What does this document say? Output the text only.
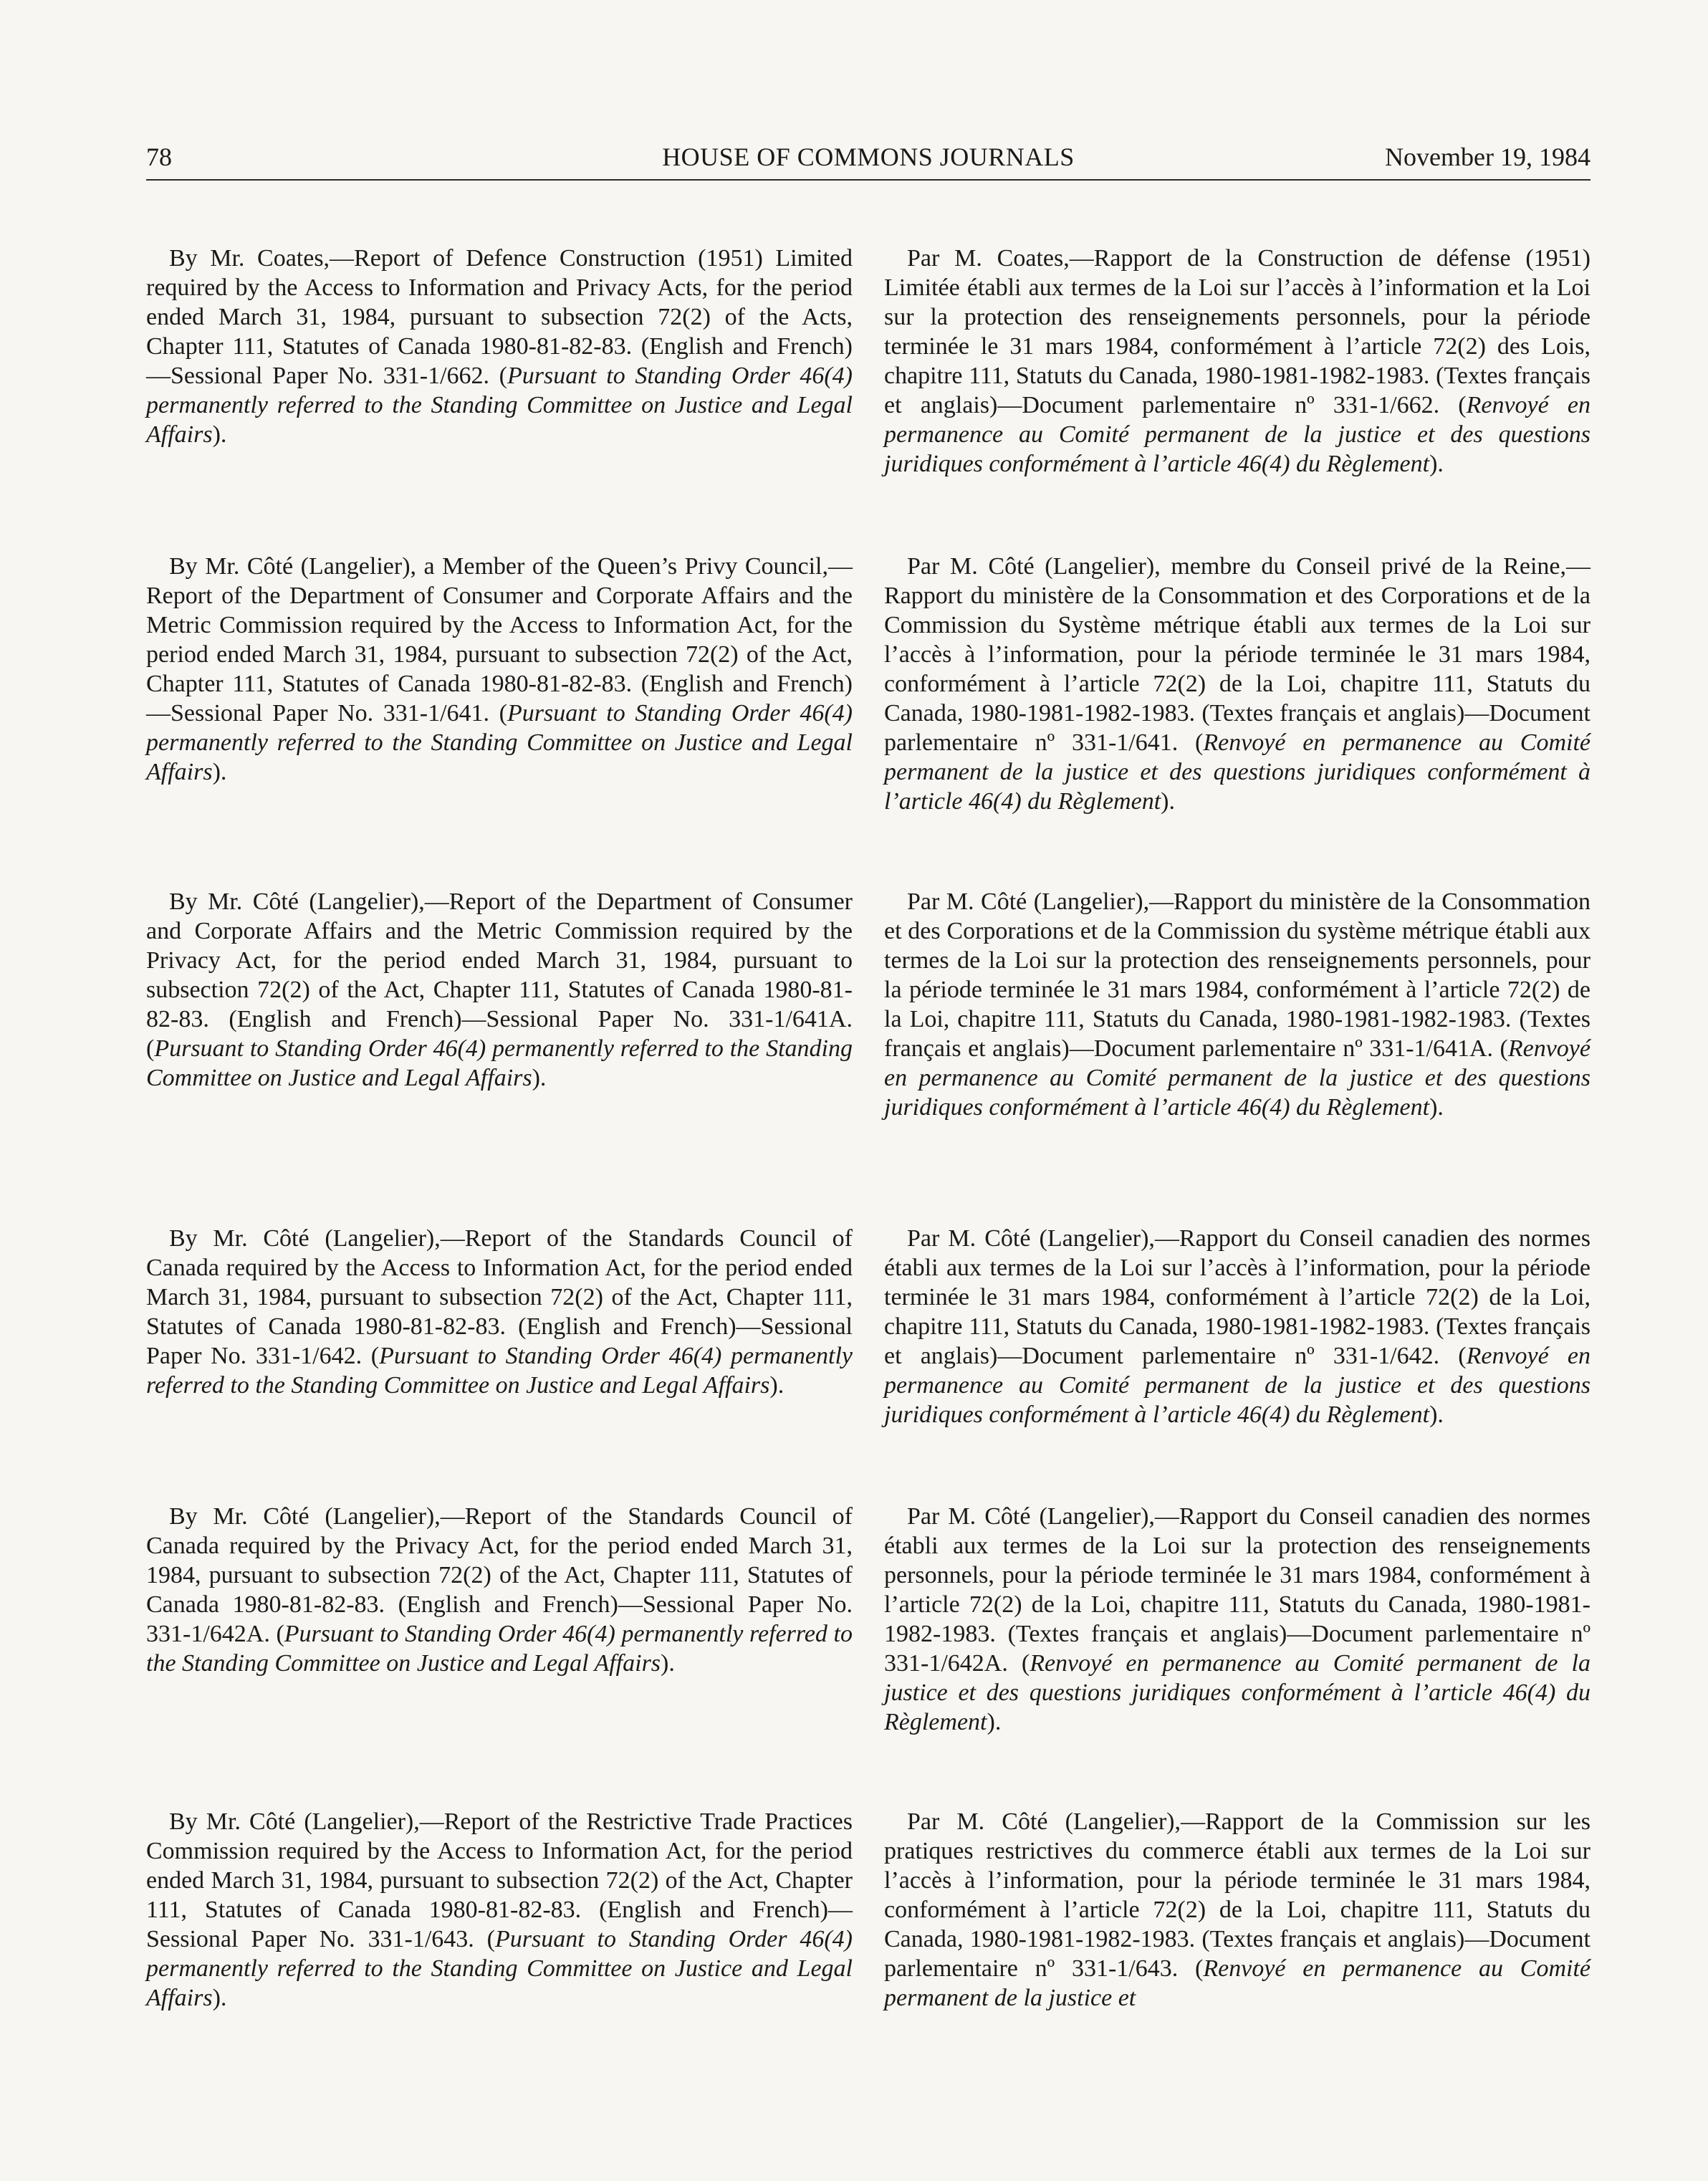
78	HOUSE OF COMMONS JOURNALS	November 19, 1984

By Mr. Coates,—Report of Defence Construction (1951) Limited required by the Access to Information and Privacy Acts, for the period ended March 31, 1984, pursuant to subsection 72(2) of the Acts, Chapter 111, Statutes of Canada 1980-81-82-83. (English and French)—Sessional Paper No. 331-1/662. (Pursuant to Standing Order 46(4) permanently referred to the Standing Committee on Justice and Legal Affairs).

Par M. Coates,—Rapport de la Construction de défense (1951) Limitée établi aux termes de la Loi sur l’accès à l’information et la Loi sur la protection des renseignements personnels, pour la période terminée le 31 mars 1984, conformément à l’article 72(2) des Lois, chapitre 111, Statuts du Canada, 1980-1981-1982-1983. (Textes français et anglais)—Document parlementaire nº 331-1/662. (Renvoyé en permanence au Comité permanent de la justice et des questions juridiques conformément à l’article 46(4) du Règlement).

By Mr. Côté (Langelier), a Member of the Queen’s Privy Council,—Report of the Department of Consumer and Corporate Affairs and the Metric Commission required by the Access to Information Act, for the period ended March 31, 1984, pursuant to subsection 72(2) of the Act, Chapter 111, Statutes of Canada 1980-81-82-83. (English and French)—Sessional Paper No. 331-1/641. (Pursuant to Standing Order 46(4) permanently referred to the Standing Committee on Justice and Legal Affairs).

Par M. Côté (Langelier), membre du Conseil privé de la Reine,—Rapport du ministère de la Consommation et des Corporations et de la Commission du Système métrique établi aux termes de la Loi sur l’accès à l’information, pour la période terminée le 31 mars 1984, conformément à l’article 72(2) de la Loi, chapitre 111, Statuts du Canada, 1980-1981-1982-1983. (Textes français et anglais)—Document parlementaire nº 331-1/641. (Renvoyé en permanence au Comité permanent de la justice et des questions juridiques conformément à l’article 46(4) du Règlement).

By Mr. Côté (Langelier),—Report of the Department of Consumer and Corporate Affairs and the Metric Commission required by the Privacy Act, for the period ended March 31, 1984, pursuant to subsection 72(2) of the Act, Chapter 111, Statutes of Canada 1980-81-82-83. (English and French)—Sessional Paper No. 331-1/641A. (Pursuant to Standing Order 46(4) permanently referred to the Standing Committee on Justice and Legal Affairs).

Par M. Côté (Langelier),—Rapport du ministère de la Consommation et des Corporations et de la Commission du système métrique établi aux termes de la Loi sur la protection des renseignements personnels, pour la période terminée le 31 mars 1984, conformément à l’article 72(2) de la Loi, chapitre 111, Statuts du Canada, 1980-1981-1982-1983. (Textes français et anglais)—Document parlementaire nº 331-1/641A. (Renvoyé en permanence au Comité permanent de la justice et des questions juridiques conformément à l’article 46(4) du Règlement).

By Mr. Côté (Langelier),—Report of the Standards Council of Canada required by the Access to Information Act, for the period ended March 31, 1984, pursuant to subsection 72(2) of the Act, Chapter 111, Statutes of Canada 1980-81-82-83. (English and French)—Sessional Paper No. 331-1/642. (Pursuant to Standing Order 46(4) permanently referred to the Standing Committee on Justice and Legal Affairs).

Par M. Côté (Langelier),—Rapport du Conseil canadien des normes établi aux termes de la Loi sur l’accès à l’information, pour la période terminée le 31 mars 1984, conformément à l’article 72(2) de la Loi, chapitre 111, Statuts du Canada, 1980-1981-1982-1983. (Textes français et anglais)—Document parlementaire nº 331-1/642. (Renvoyé en permanence au Comité permanent de la justice et des questions juridiques conformément à l’article 46(4) du Règlement).

By Mr. Côté (Langelier),—Report of the Standards Council of Canada required by the Privacy Act, for the period ended March 31, 1984, pursuant to subsection 72(2) of the Act, Chapter 111, Statutes of Canada 1980-81-82-83. (English and French)—Sessional Paper No. 331-1/642A. (Pursuant to Standing Order 46(4) permanently referred to the Standing Committee on Justice and Legal Affairs).

Par M. Côté (Langelier),—Rapport du Conseil canadien des normes établi aux termes de la Loi sur la protection des renseignements personnels, pour la période terminée le 31 mars 1984, conformément à l’article 72(2) de la Loi, chapitre 111, Statuts du Canada, 1980-1981-1982-1983. (Textes français et anglais)—Document parlementaire nº 331-1/642A. (Renvoyé en permanence au Comité permanent de la justice et des questions juridiques conformément à l’article 46(4) du Règlement).

By Mr. Côté (Langelier),—Report of the Restrictive Trade Practices Commission required by the Access to Information Act, for the period ended March 31, 1984, pursuant to subsection 72(2) of the Act, Chapter 111, Statutes of Canada 1980-81-82-83. (English and French)—Sessional Paper No. 331-1/643. (Pursuant to Standing Order 46(4) permanently referred to the Standing Committee on Justice and Legal Affairs).

Par M. Côté (Langelier),—Rapport de la Commission sur les pratiques restrictives du commerce établi aux termes de la Loi sur l’accès à l’information, pour la période terminée le 31 mars 1984, conformément à l’article 72(2) de la Loi, chapitre 111, Statuts du Canada, 1980-1981-1982-1983. (Textes français et anglais)—Document parlementaire nº 331-1/643. (Renvoyé en permanence au Comité permanent de la justice et
